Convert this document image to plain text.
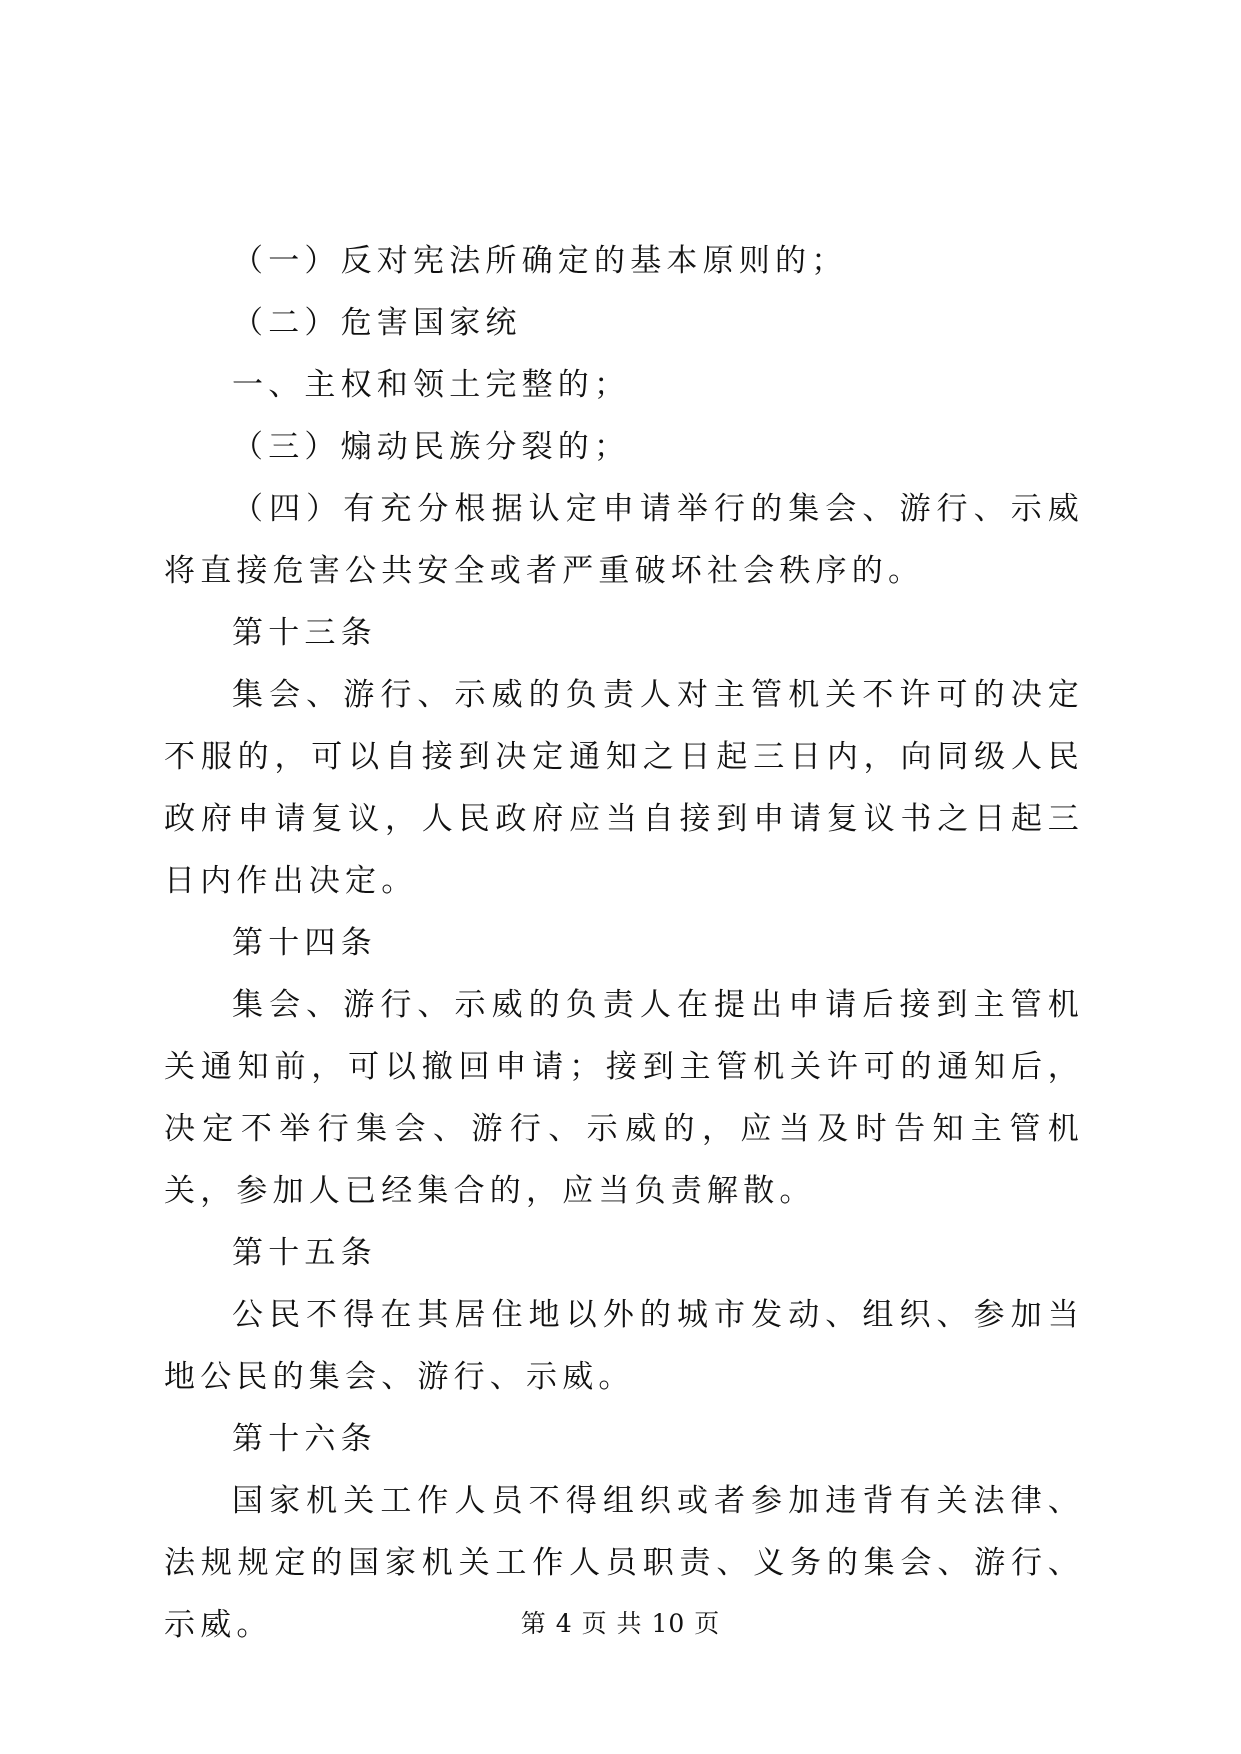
（一）反对宪法所确定的基本原则的；

（二）危害国家统

一、主权和领土完整的；

（三）煽动民族分裂的；

（四）有充分根据认定申请举行的集会、游行、示威将直接危害公共安全或者严重破坏社会秩序的。

第十三条

集会、游行、示威的负责人对主管机关不许可的决定不服的，可以自接到决定通知之日起三日内，向同级人民政府申请复议，人民政府应当自接到申请复议书之日起三日内作出决定。

第十四条

集会、游行、示威的负责人在提出申请后接到主管机关通知前，可以撤回申请；接到主管机关许可的通知后，决定不举行集会、游行、示威的，应当及时告知主管机关，参加人已经集合的，应当负责解散。

第十五条

公民不得在其居住地以外的城市发动、组织、参加当地公民的集会、游行、示威。

第十六条

国家机关工作人员不得组织或者参加违背有关法律、法规规定的国家机关工作人员职责、义务的集会、游行、示威。	第 4 页 共 10 页
